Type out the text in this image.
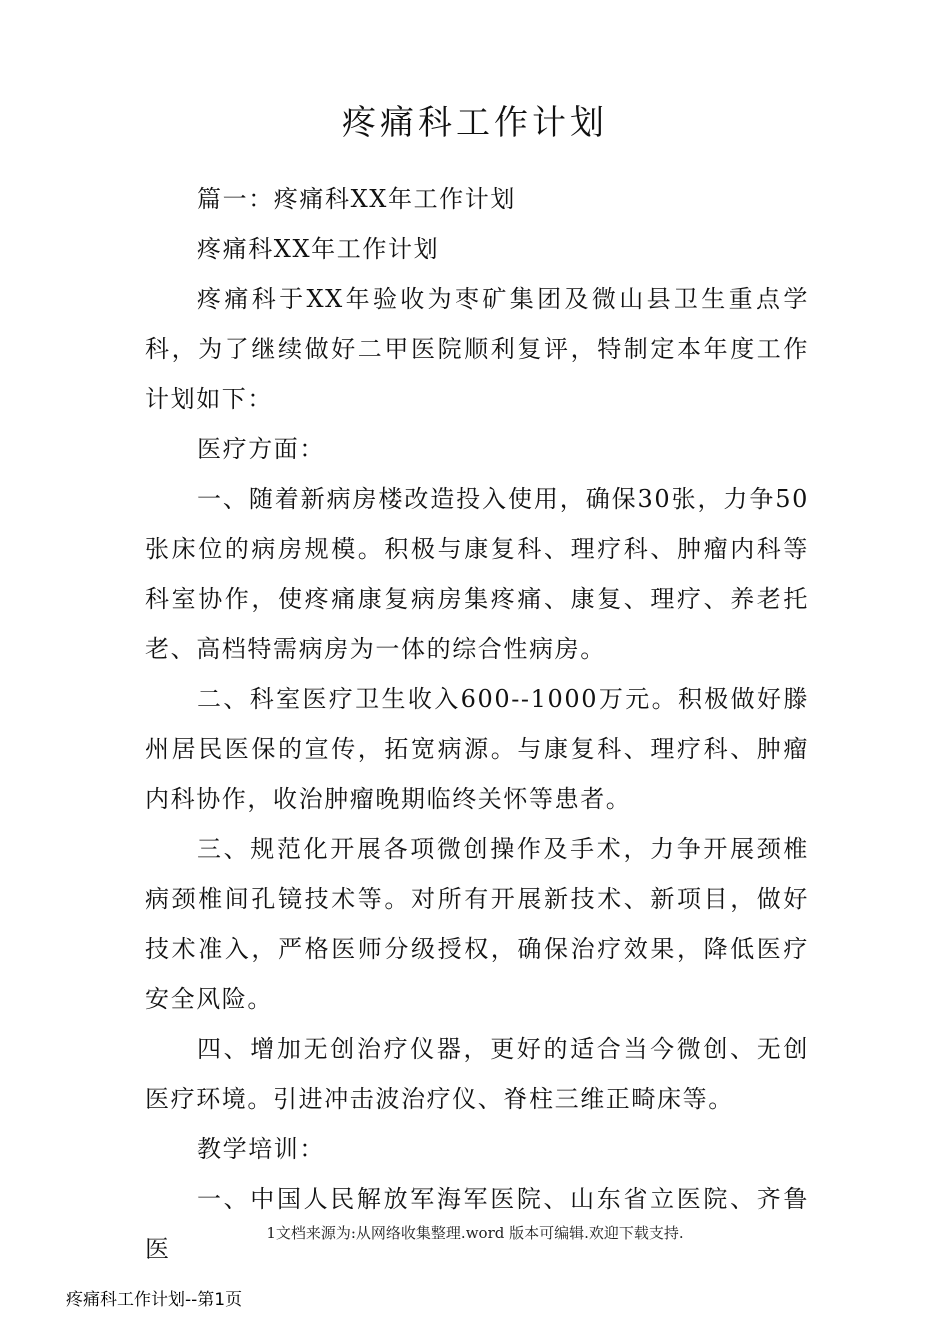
疼痛科工作计划

篇一：疼痛科XX年工作计划

疼痛科XX年工作计划

疼痛科于XX年验收为枣矿集团及微山县卫生重点学科，为了继续做好二甲医院顺利复评，特制定本年度工作计划如下：

医疗方面：

一、随着新病房楼改造投入使用，确保30张，力争50张床位的病房规模。积极与康复科、理疗科、肿瘤内科等科室协作，使疼痛康复病房集疼痛、康复、理疗、养老托老、高档特需病房为一体的综合性病房。

二、科室医疗卫生收入600--1000万元。积极做好滕州居民医保的宣传，拓宽病源。与康复科、理疗科、肿瘤内科协作，收治肿瘤晚期临终关怀等患者。

三、规范化开展各项微创操作及手术，力争开展颈椎病颈椎间孔镜技术等。对所有开展新技术、新项目，做好技术准入，严格医师分级授权，确保治疗效果，降低医疗安全风险。

四、增加无创治疗仪器，更好的适合当今微创、无创医疗环境。引进冲击波治疗仪、脊柱三维正畸床等。

教学培训：

一、中国人民解放军海军医院、山东省立医院、齐鲁医

1文档来源为:从网络收集整理.word 版本可编辑.欢迎下载支持.
疼痛科工作计划--第1页
